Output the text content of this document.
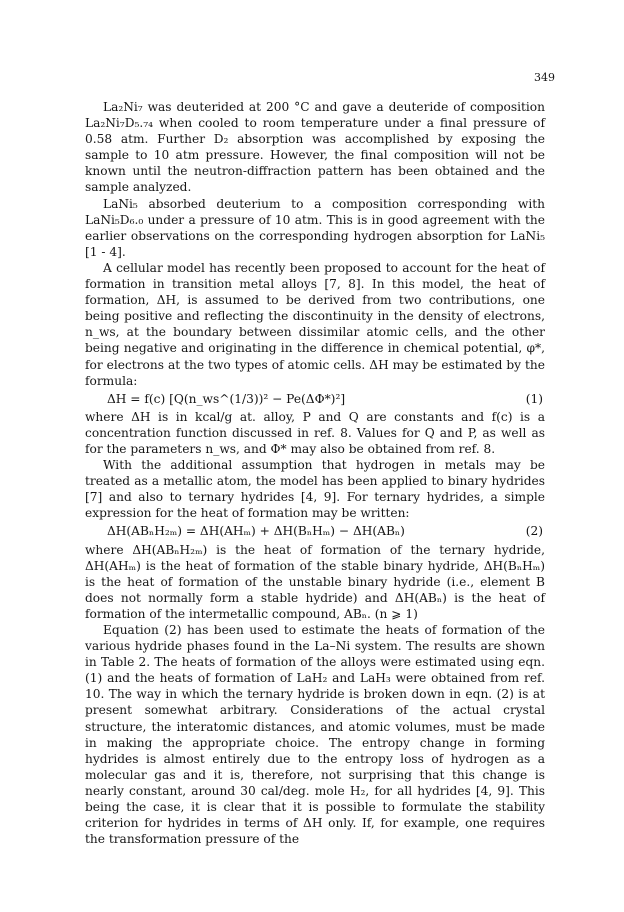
349

La₂Ni₇ was deuterided at 200 °C and gave a deuteride of composition La₂Ni₇D₅.₇₄ when cooled to room temperature under a final pressure of 0.58 atm. Further D₂ absorption was accomplished by exposing the sample to 10 atm pressure. However, the final composition will not be known until the neutron-diffraction pattern has been obtained and the sample analyzed.

LaNi₅ absorbed deuterium to a composition corresponding with LaNi₅D₆.₀ under a pressure of 10 atm. This is in good agreement with the earlier observations on the corresponding hydrogen absorption for LaNi₅ [1 - 4].

A cellular model has recently been proposed to account for the heat of formation in transition metal alloys [7, 8]. In this model, the heat of formation, ΔH, is assumed to be derived from two contributions, one being positive and reflecting the discontinuity in the density of electrons, n_ws, at the boundary between dissimilar atomic cells, and the other being negative and originating in the difference in chemical potential, φ*, for electrons at the two types of atomic cells. ΔH may be estimated by the formula:

ΔH = f(c) [Q(n_ws^(1/3))² − Pe(ΔΦ*)²]	(1)

where ΔH is in kcal/g at. alloy, P and Q are constants and f(c) is a concentration function discussed in ref. 8. Values for Q and P, as well as for the parameters n_ws, and Φ* may also be obtained from ref. 8.

With the additional assumption that hydrogen in metals may be treated as a metallic atom, the model has been applied to binary hydrides [7] and also to ternary hydrides [4, 9]. For ternary hydrides, a simple expression for the heat of formation may be written:

ΔH(ABₙH₂ₘ) = ΔH(AHₘ) + ΔH(BₙHₘ) − ΔH(ABₙ)	(2)

where ΔH(ABₙH₂ₘ) is the heat of formation of the ternary hydride, ΔH(AHₘ) is the heat of formation of the stable binary hydride, ΔH(BₙHₘ) is the heat of formation of the unstable binary hydride (i.e., element B does not normally form a stable hydride) and ΔH(ABₙ) is the heat of formation of the intermetallic compound, ABₙ. (n ⩾ 1)

Equation (2) has been used to estimate the heats of formation of the various hydride phases found in the La–Ni system. The results are shown in Table 2. The heats of formation of the alloys were estimated using eqn. (1) and the heats of formation of LaH₂ and LaH₃ were obtained from ref. 10. The way in which the ternary hydride is broken down in eqn. (2) is at present somewhat arbitrary. Considerations of the actual crystal structure, the interatomic distances, and atomic volumes, must be made in making the appropriate choice. The entropy change in forming hydrides is almost entirely due to the entropy loss of hydrogen as a molecular gas and it is, therefore, not surprising that this change is nearly constant, around 30 cal/deg. mole H₂, for all hydrides [4, 9]. This being the case, it is clear that it is possible to formulate the stability criterion for hydrides in terms of ΔH only. If, for example, one requires the transformation pressure of the
